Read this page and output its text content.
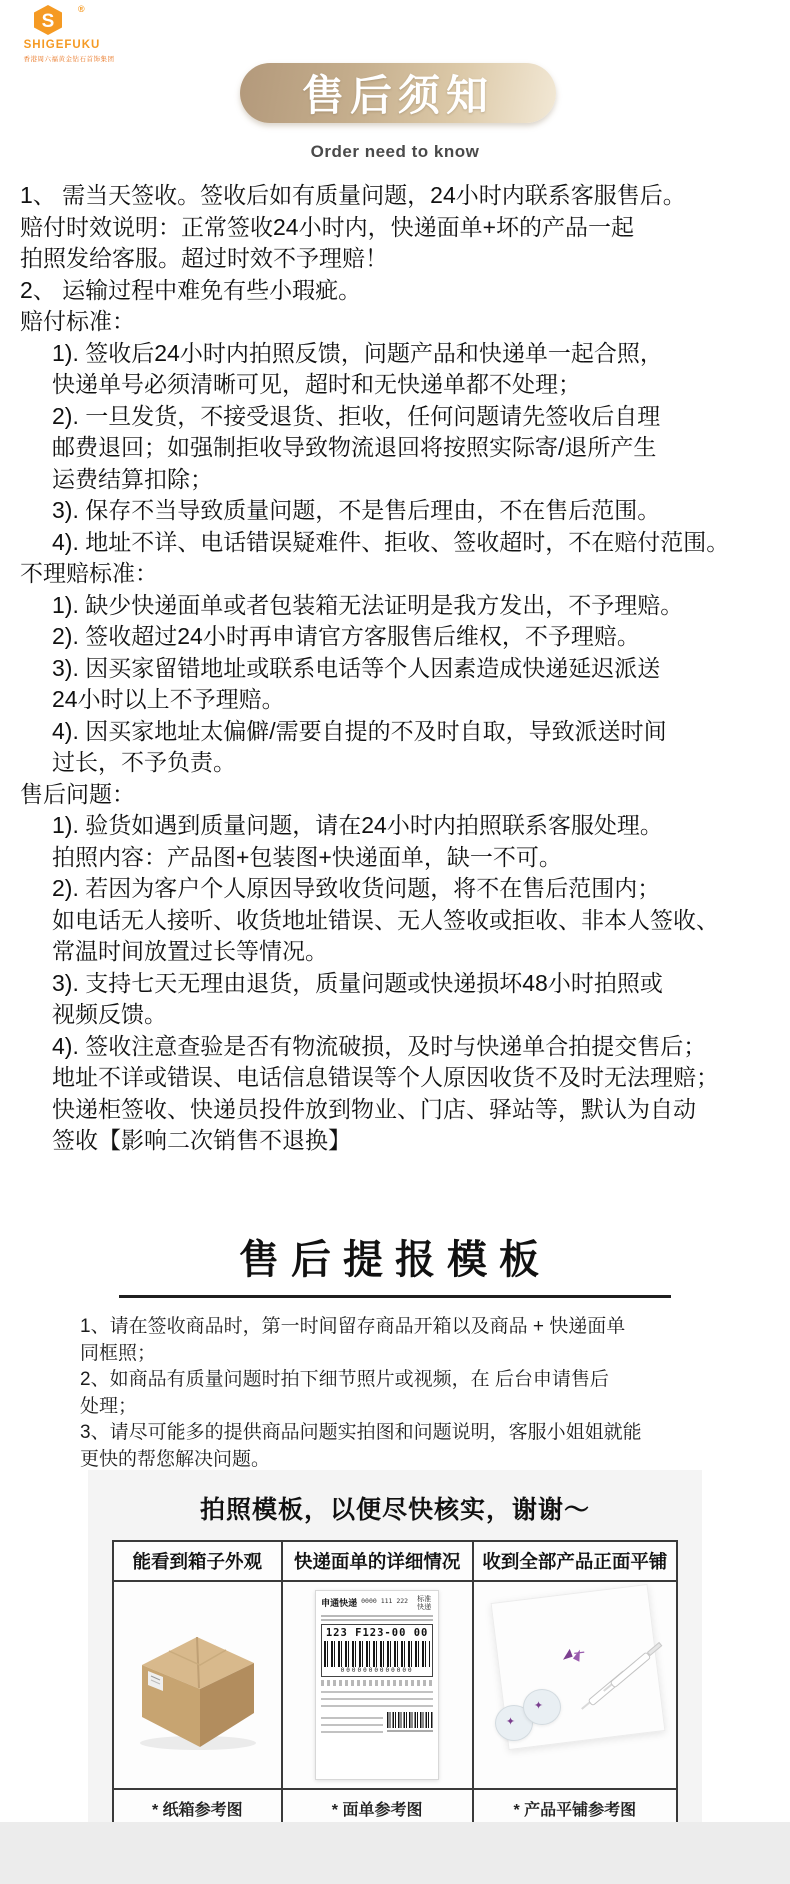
S
®
SHIGEFUKU
香港周六福黄金钻石首饰集团
售后须知
Order need to know
1、 需当天签收。签收后如有质量问题，24小时内联系客服售后。
赔付时效说明：正常签收24小时内，快递面单+坏的产品一起
拍照发给客服。超过时效不予理赔！
2、 运输过程中难免有些小瑕疵。
赔付标准：
1). 签收后24小时内拍照反馈，问题产品和快递单一起合照，
快递单号必须清晰可见，超时和无快递单都不处理；
2). 一旦发货，不接受退货、拒收，任何问题请先签收后自理
邮费退回；如强制拒收导致物流退回将按照实际寄/退所产生
运费结算扣除；
3). 保存不当导致质量问题，不是售后理由，不在售后范围。
4). 地址不详、电话错误疑难件、拒收、签收超时，不在赔付范围。
不理赔标准：
1). 缺少快递面单或者包装箱无法证明是我方发出，不予理赔。
2). 签收超过24小时再申请官方客服售后维权，不予理赔。
3). 因买家留错地址或联系电话等个人因素造成快递延迟派送
24小时以上不予理赔。
4). 因买家地址太偏僻/需要自提的不及时自取，导致派送时间
过长，不予负责。
售后问题：
1). 验货如遇到质量问题，请在24小时内拍照联系客服处理。
拍照内容：产品图+包装图+快递面单，缺一不可。
2). 若因为客户个人原因导致收货问题，将不在售后范围内；
如电话无人接听、收货地址错误、无人签收或拒收、非本人签收、
常温时间放置过长等情况。
3). 支持七天无理由退货，质量问题或快递损坏48小时拍照或
视频反馈。
4). 签收注意查验是否有物流破损，及时与快递单合拍提交售后；
地址不详或错误、电话信息错误等个人原因收货不及时无法理赔；
快递柜签收、快递员投件放到物业、门店、驿站等，默认为自动
签收【影响二次销售不退换】
售后提报模板
1、请在签收商品时，第一时间留存商品开箱以及商品 + 快递面单
同框照；
2、如商品有质量问题时拍下细节照片或视频，在 后台申请售后
处理；
3、请尽可能多的提供商品问题实拍图和问题说明，客服小姐姐就能
更快的帮您解决问题。
拍照模板，以便尽快核实，谢谢～
能看到箱子外观	快递面单的详细情况	收到全部产品正面平铺
申通快递 0000 111 222 标准快递
123 F123-00 00
0000000000000
✦
✦
* 纸箱参考图	* 面单参考图	* 产品平铺参考图
